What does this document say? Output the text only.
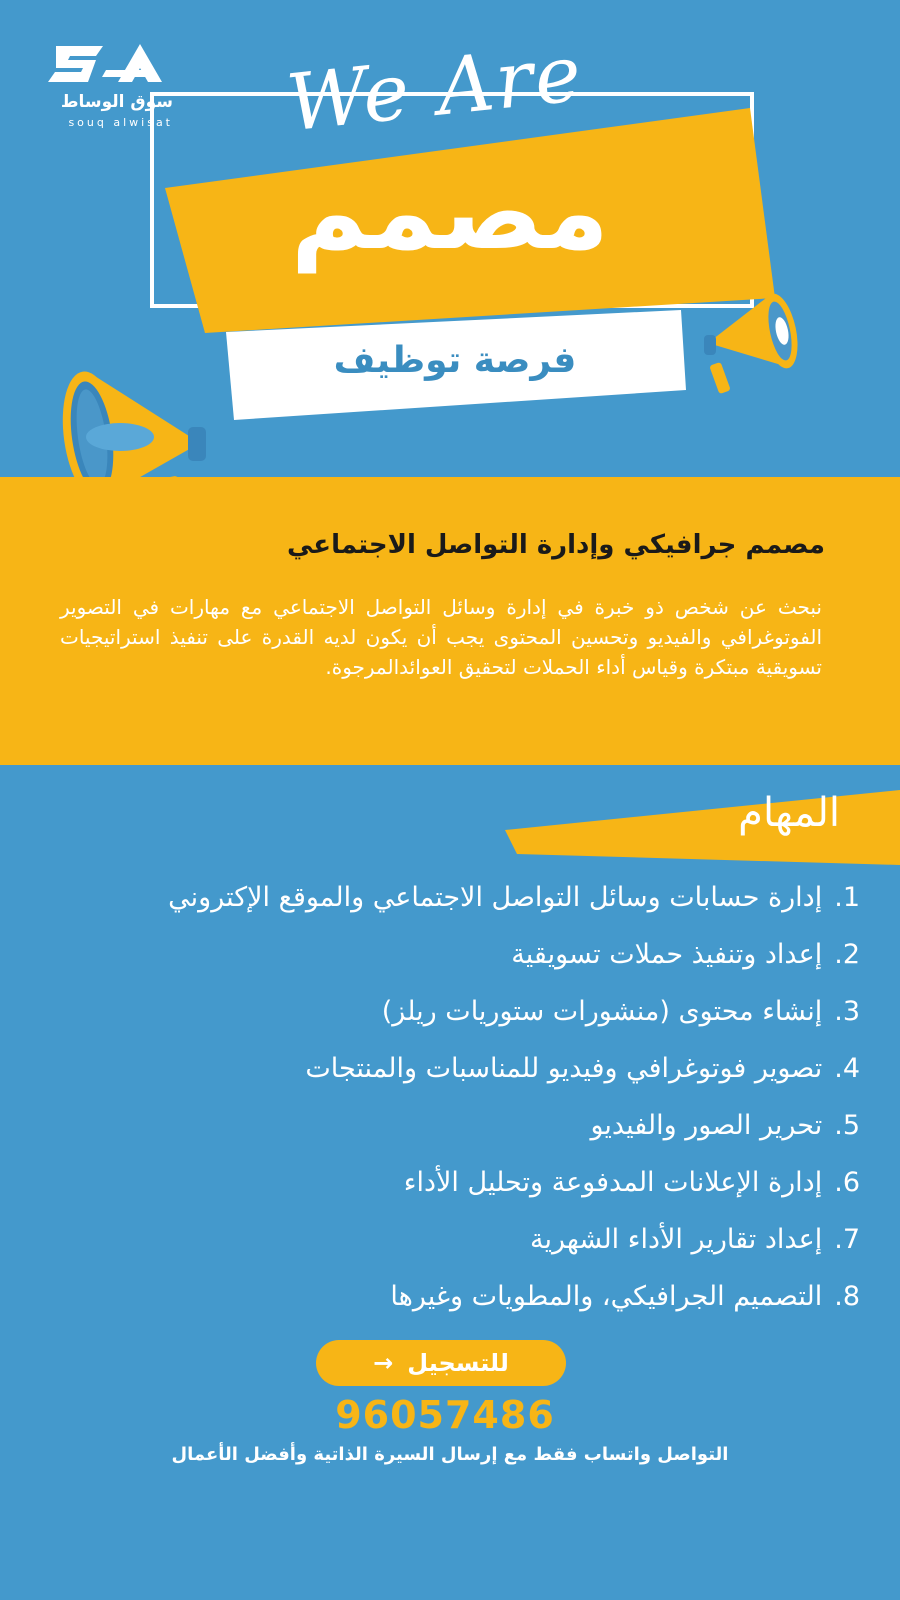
سوق الوساط
souq alwisat	We Are
مصمم
فرصة توظيف
مصمم جرافيكي وإدارة التواصل الاجتماعي
نبحث عن شخص ذو خبرة في إدارة وسائل التواصل الاجتماعي مع مهارات في التصوير الفوتوغرافي والفيديو وتحسين المحتوى يجب أن يكون لديه القدرة على تنفيذ استراتيجيات تسويقية مبتكرة وقياس أداء الحملات لتحقيق العوائدالمرجوة.
المهام
1.إدارة حسابات وسائل التواصل الاجتماعي والموقع الإكتروني
2.إعداد وتنفيذ حملات تسويقية
3.إنشاء محتوى (منشورات ستوريات ريلز)
4.تصوير فوتوغرافي وفيديو للمناسبات والمنتجات
5.تحرير الصور والفيديو
6.إدارة الإعلانات المدفوعة وتحليل الأداء
7.إعداد تقارير الأداء الشهرية
8.التصميم الجرافيكي، والمطويات وغيرها
للتسجيل
→
96057486
التواصل واتساب فقط مع إرسال السيرة الذاتية وأفضل الأعمال
